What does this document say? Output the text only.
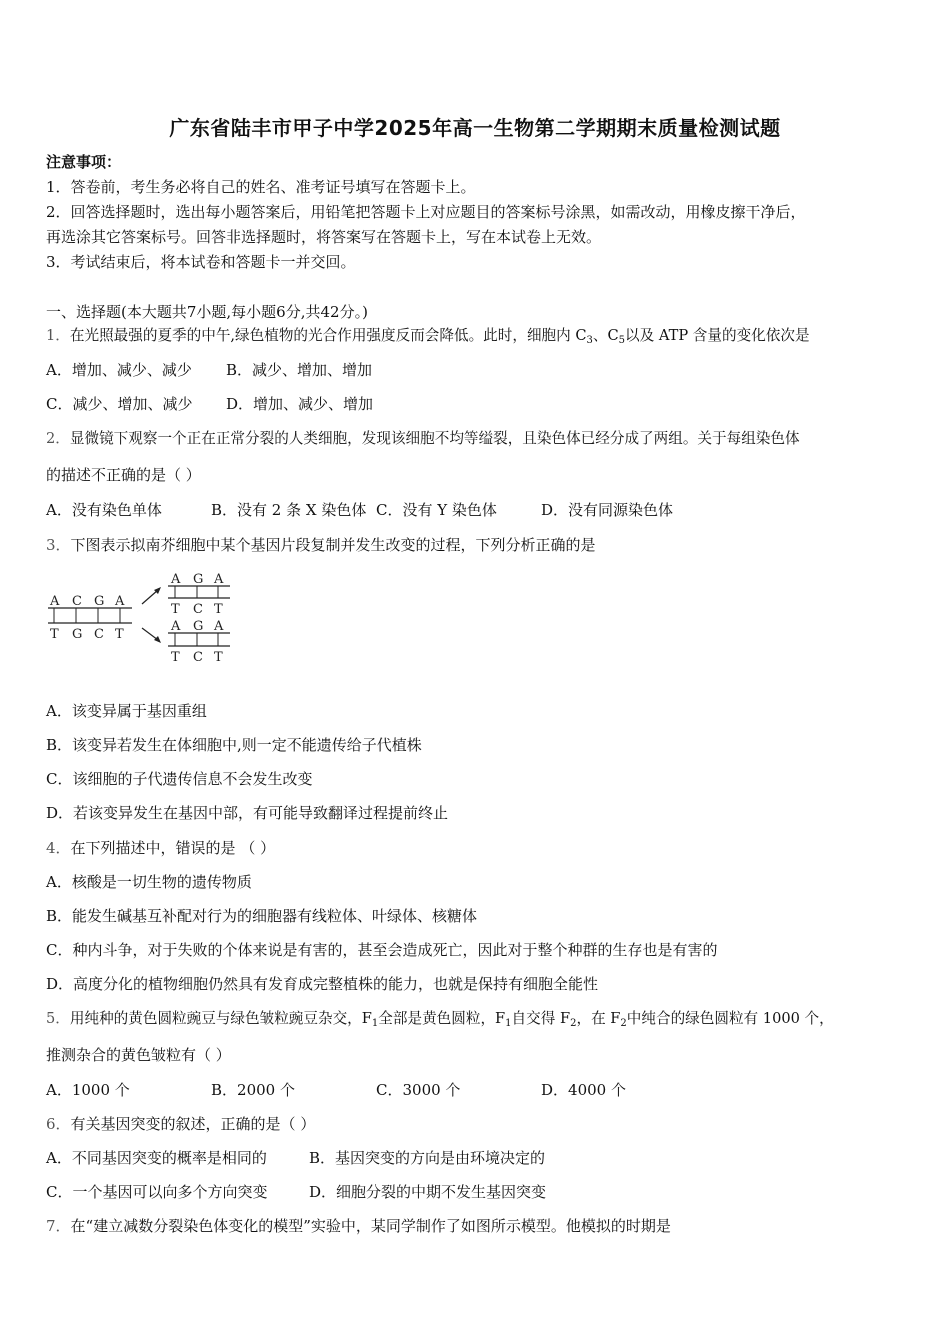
广东省陆丰市甲子中学2025年高一生物第二学期期末质量检测试题
注意事项：
1．答卷前，考生务必将自己的姓名、准考证号填写在答题卡上。
2．回答选择题时，选出每小题答案后，用铅笔把答题卡上对应题目的答案标号涂黑，如需改动，用橡皮擦干净后，
再选涂其它答案标号。回答非选择题时，将答案写在答题卡上，写在本试卷上无效。
3．考试结束后，将本试卷和答题卡一并交回。
一、选择题(本大题共7小题,每小题6分,共42分。)
1．在光照最强的夏季的中午,绿色植物的光合作用强度反而会降低。此时，细胞内 $C_3$、$C_5$以及 ATP 含量的变化依次是
A．增加、减少、减少 B．减少、增加、增加
C．减少、增加、减少 D．增加、减少、增加
2．显微镜下观察一个正在正常分裂的人类细胞，发现该细胞不均等缢裂，且染色体已经分成了两组。关于每组染色体
的描述不正确的是（ ）
A．没有染色单体	B．没有 2 条 X 染色体 C．没有 Y 染色体	D．没有同源染色体
3．下图表示拟南芥细胞中某个基因片段复制并发生改变的过程，下列分析正确的是
A C G A
T G C T
A G A
T C T
A G A
T C T
A．该变异属于基因重组
B．该变异若发生在体细胞中,则一定不能遗传给子代植株
C．该细胞的子代遗传信息不会发生改变
D．若该变异发生在基因中部，有可能导致翻译过程提前终止
4．在下列描述中，错误的是 （ ）
A．核酸是一切生物的遗传物质
B．能发生碱基互补配对行为的细胞器有线粒体、叶绿体、核糖体
C．种内斗争，对于失败的个体来说是有害的，甚至会造成死亡，因此对于整个种群的生存也是有害的
D．高度分化的植物细胞仍然具有发育成完整植株的能力，也就是保持有细胞全能性
5．用纯种的黄色圆粒豌豆与绿色皱粒豌豆杂交，$F_1$全部是黄色圆粒，$F_1$自交得 $F_2$，在 $F_2$中纯合的绿色圆粒有 1000 个，
推测杂合的黄色皱粒有（ ）
A．1000 个	B．2000 个	C．3000 个	D．4000 个
6．有关基因突变的叙述，正确的是（ ）
A．不同基因突变的概率是相同的	B．基因突变的方向是由环境决定的
C．一个基因可以向多个方向突变	D．细胞分裂的中期不发生基因突变
7．在“建立减数分裂染色体变化的模型”实验中，某同学制作了如图所示模型。他模拟的时期是
